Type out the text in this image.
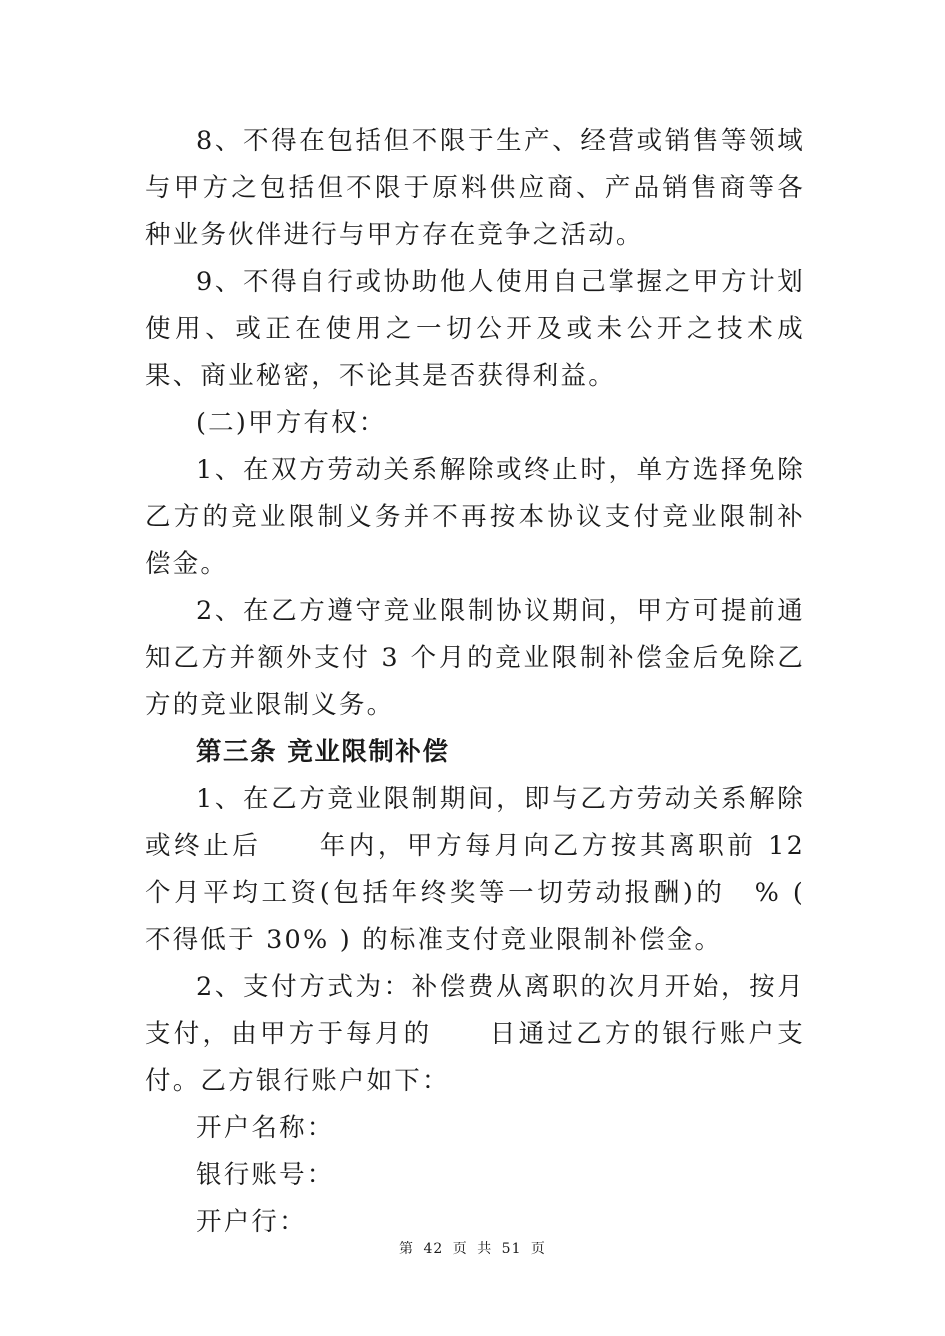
8、不得在包括但不限于生产、经营或销售等领域与甲方之包括但不限于原料供应商、产品销售商等各种业务伙伴进行与甲方存在竞争之活动。

9、不得自行或协助他人使用自己掌握之甲方计划使用、或正在使用之一切公开及或未公开之技术成果、商业秘密，不论其是否获得利益。

(二)甲方有权：

1、在双方劳动关系解除或终止时，单方选择免除乙方的竞业限制义务并不再按本协议支付竞业限制补偿金。

2、在乙方遵守竞业限制协议期间，甲方可提前通知乙方并额外支付 3 个月的竞业限制补偿金后免除乙方的竞业限制义务。

第三条 竞业限制补偿

1、在乙方竞业限制期间，即与乙方劳动关系解除或终止后　　年内，甲方每月向乙方按其离职前 12 个月平均工资(包括年终奖等一切劳动报酬)的　% ( 不得低于 30% ) 的标准支付竞业限制补偿金。

2、支付方式为：补偿费从离职的次月开始，按月支付，由甲方于每月的　　日通过乙方的银行账户支付。乙方银行账户如下：

开户名称：

银行账号：

开户行：

第 42 页 共 51 页
